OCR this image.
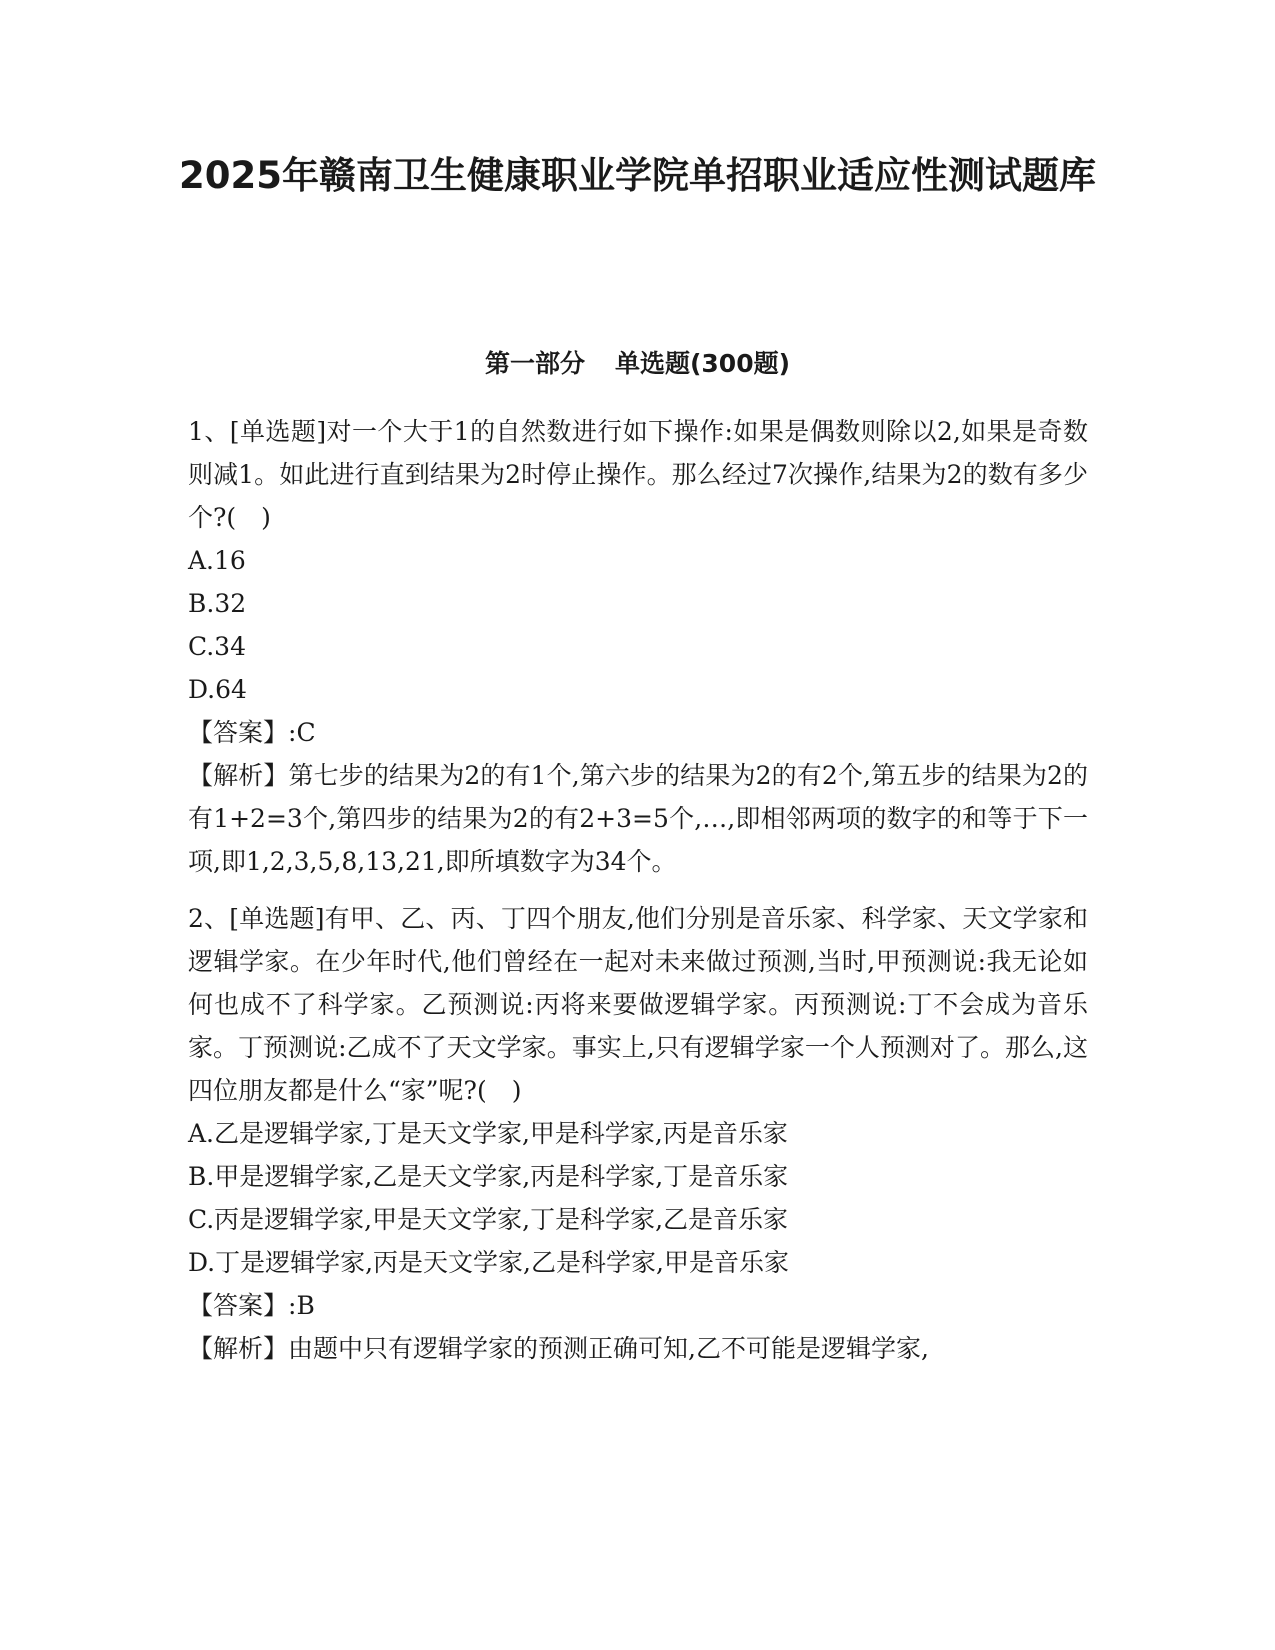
2025年赣南卫生健康职业学院单招职业适应性测试题库
第一部分 单选题(300题)

1、[单选题]对一个大于1的自然数进行如下操作:如果是偶数则除以2,如果是奇数则减1。如此进行直到结果为2时停止操作。那么经过7次操作,结果为2的数有多少个?(　)

A.16

B.32

C.34

D.64

【答案】:C

【解析】第七步的结果为2的有1个,第六步的结果为2的有2个,第五步的结果为2的有1+2=3个,第四步的结果为2的有2+3=5个,…,即相邻两项的数字的和等于下一项,即1,2,3,5,8,13,21,即所填数字为34个。

2、[单选题]有甲、乙、丙、丁四个朋友,他们分别是音乐家、科学家、天文学家和逻辑学家。在少年时代,他们曾经在一起对未来做过预测,当时,甲预测说:我无论如何也成不了科学家。乙预测说:丙将来要做逻辑学家。丙预测说:丁不会成为音乐家。丁预测说:乙成不了天文学家。事实上,只有逻辑学家一个人预测对了。那么,这四位朋友都是什么“家”呢?(　)

A.乙是逻辑学家,丁是天文学家,甲是科学家,丙是音乐家

B.甲是逻辑学家,乙是天文学家,丙是科学家,丁是音乐家

C.丙是逻辑学家,甲是天文学家,丁是科学家,乙是音乐家

D.丁是逻辑学家,丙是天文学家,乙是科学家,甲是音乐家

【答案】:B

【解析】由题中只有逻辑学家的预测正确可知,乙不可能是逻辑学家,
